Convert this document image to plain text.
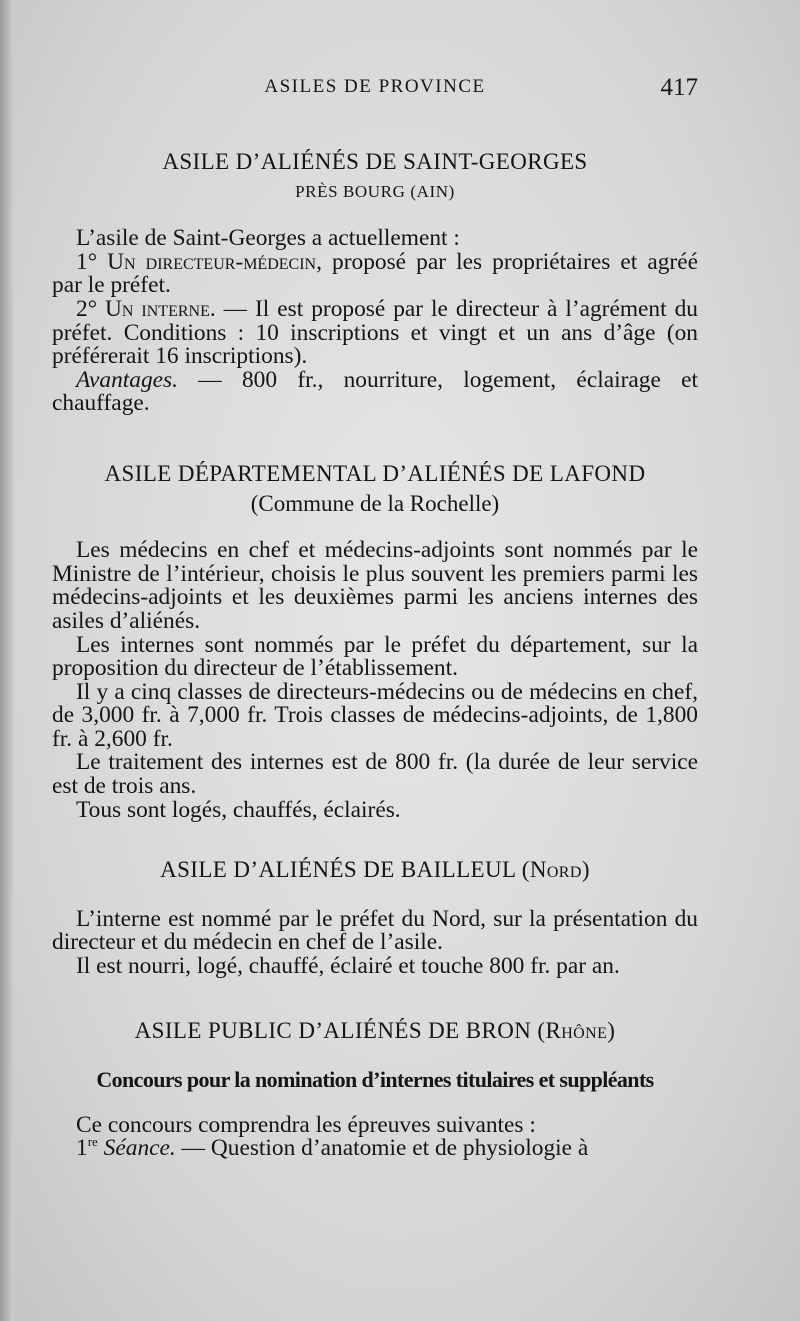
ASILES DE PROVINCE	417
ASILE D’ALIÉNÉS DE SAINT-GEORGES
PRÈS BOURG (AIN)

L’asile de Saint-Georges a actuellement :

1° Un directeur-médecin, proposé par les propriétaires et agréé par le préfet.

2° Un interne. — Il est proposé par le directeur à l’agrément du préfet. Conditions : 10 inscriptions et vingt et un ans d’âge (on préférerait 16 inscriptions).

Avantages. — 800 fr., nourriture, logement, éclairage et chauffage.

ASILE DÉPARTEMENTAL D’ALIÉNÉS DE LAFOND
(Commune de la Rochelle)

Les médecins en chef et médecins-adjoints sont nommés par le Ministre de l’intérieur, choisis le plus souvent les premiers parmi les médecins-adjoints et les deuxièmes parmi les anciens internes des asiles d’aliénés.

Les internes sont nommés par le préfet du département, sur la proposition du directeur de l’établissement.

Il y a cinq classes de directeurs-médecins ou de médecins en chef, de 3,000 fr. à 7,000 fr. Trois classes de médecins-adjoints, de 1,800 fr. à 2,600 fr.

Le traitement des internes est de 800 fr. (la durée de leur service est de trois ans.

Tous sont logés, chauffés, éclairés.

ASILE D’ALIÉNÉS DE BAILLEUL (Nord)

L’interne est nommé par le préfet du Nord, sur la présentation du directeur et du médecin en chef de l’asile.

Il est nourri, logé, chauffé, éclairé et touche 800 fr. par an.

ASILE PUBLIC D’ALIÉNÉS DE BRON (Rhône)
Concours pour la nomination d’internes titulaires et suppléants

Ce concours comprendra les épreuves suivantes :

1re Séance. — Question d’anatomie et de physiologie à
